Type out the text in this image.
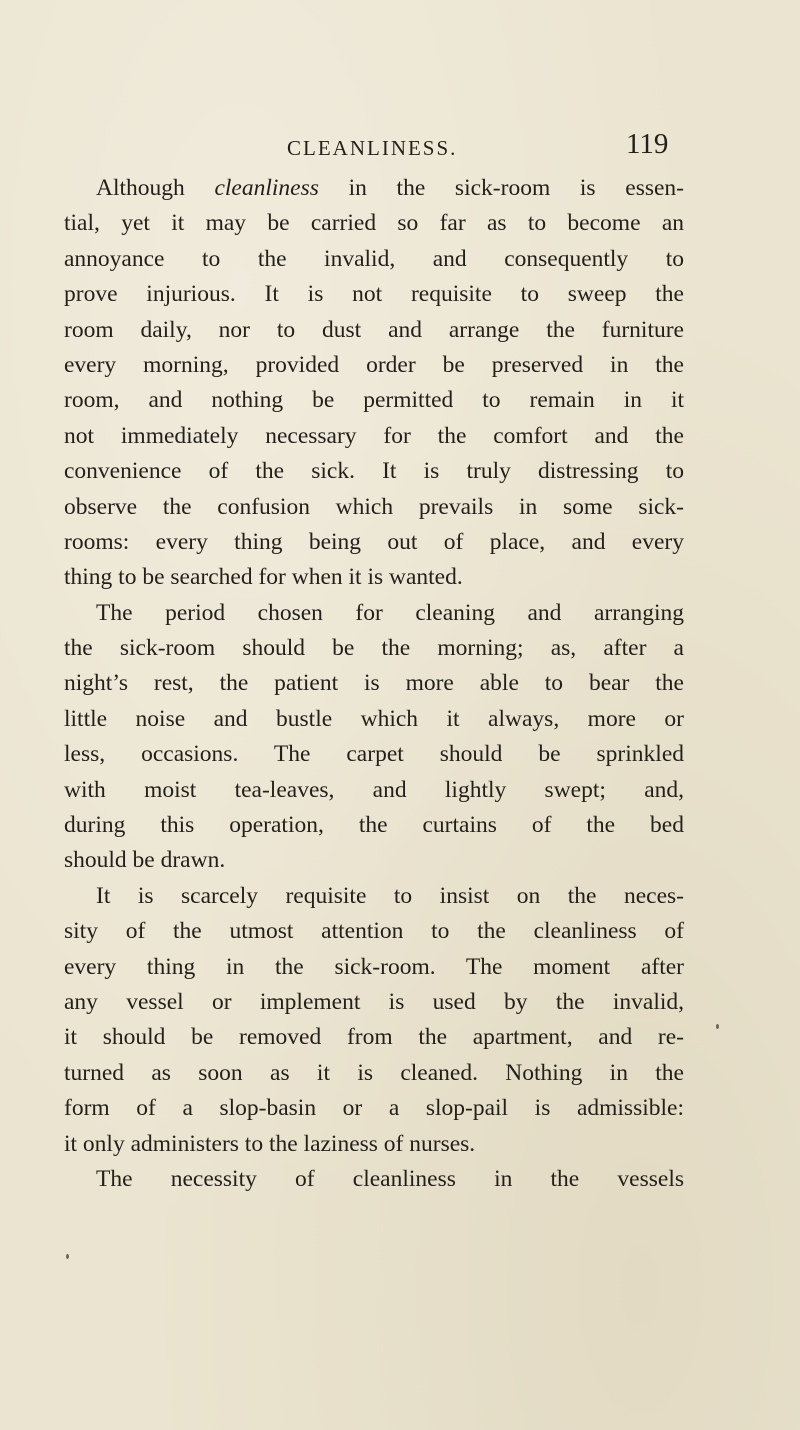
CLEANLINESS.	119
Although cleanliness in the sick-room is essen-
tial, yet it may be carried so far as to become an
annoyance to the invalid, and consequently to
prove injurious. It is not requisite to sweep the
room daily, nor to dust and arrange the furniture
every morning, provided order be preserved in the
room, and nothing be permitted to remain in it
not immediately necessary for the comfort and the
convenience of the sick. It is truly distressing to
observe the confusion which prevails in some sick-
rooms: every thing being out of place, and every
thing to be searched for when it is wanted.
The period chosen for cleaning and arranging
the sick-room should be the morning; as, after a
night’s rest, the patient is more able to bear the
little noise and bustle which it always, more or
less, occasions. The carpet should be sprinkled
with moist tea-leaves, and lightly swept; and,
during this operation, the curtains of the bed
should be drawn.
It is scarcely requisite to insist on the neces-
sity of the utmost attention to the cleanliness of
every thing in the sick-room. The moment after
any vessel or implement is used by the invalid,
it should be removed from the apartment, and re-
turned as soon as it is cleaned. Nothing in the
form of a slop-basin or a slop-pail is admissible:
it only administers to the laziness of nurses.
The necessity of cleanliness in the vessels
